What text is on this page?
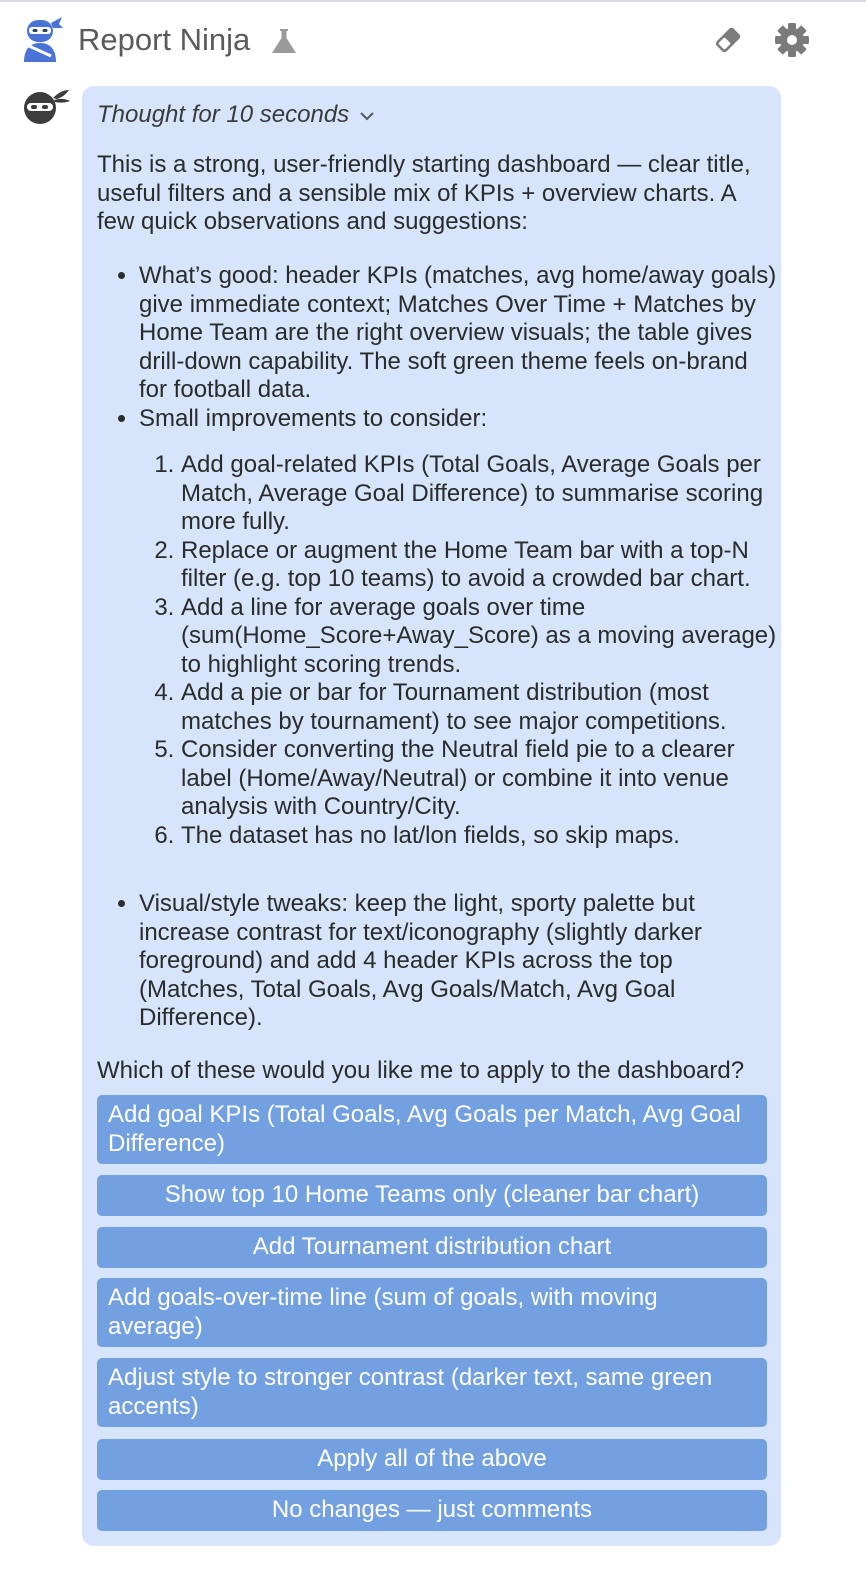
Report Ninja
Thought for 10 seconds
This is a strong, user-friendly starting dashboard — clear title, useful filters and a sensible mix of KPIs + overview charts. A few quick observations and suggestions:
• What’s good: header KPIs (matches, avg home/away goals) give immediate context; Matches Over Time + Matches by Home Team are the right overview visuals; the table gives drill-down capability. The soft green theme feels on-brand for football data.
• Small improvements to consider:
1. Add goal-related KPIs (Total Goals, Average Goals per Match, Average Goal Difference) to summarise scoring more fully.
2. Replace or augment the Home Team bar with a top-N filter (e.g. top 10 teams) to avoid a crowded bar chart.
3. Add a line for average goals over time (sum(Home_Score+Away_Score) as a moving average) to highlight scoring trends.
4. Add a pie or bar for Tournament distribution (most matches by tournament) to see major competitions.
5. Consider converting the Neutral field pie to a clearer label (Home/Away/Neutral) or combine it into venue analysis with Country/City.
6. The dataset has no lat/lon fields, so skip maps.
• Visual/style tweaks: keep the light, sporty palette but increase contrast for text/iconography (slightly darker foreground) and add 4 header KPIs across the top (Matches, Total Goals, Avg Goals/Match, Avg Goal Difference).
Which of these would you like me to apply to the dashboard?
Add goal KPIs (Total Goals, Avg Goals per Match, Avg Goal Difference)
Show top 10 Home Teams only (cleaner bar chart)
Add Tournament distribution chart
Add goals-over-time line (sum of goals, with moving average)
Adjust style to stronger contrast (darker text, same green accents)
Apply all of the above
No changes — just comments
